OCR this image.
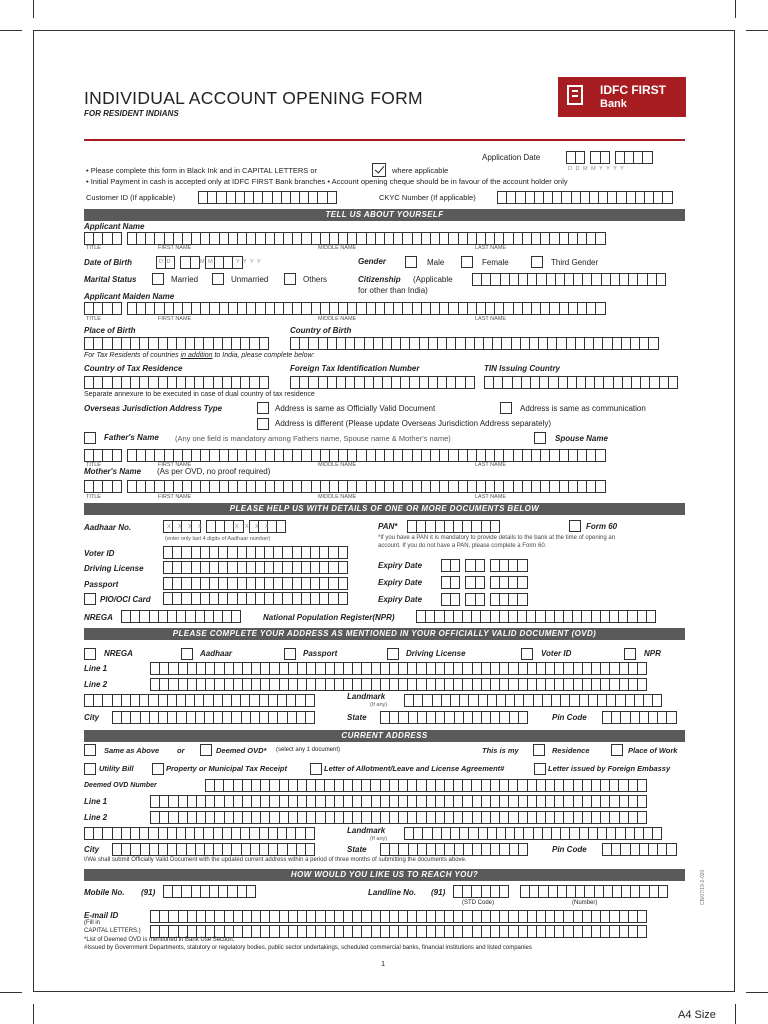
INDIVIDUAL ACCOUNT OPENING FORM
FOR RESIDENT INDIANS
IDFC FIRST
Bank
Application Date
D D M M Y Y Y Y
• Please complete this form in Black Ink and in CAPITAL LETTERS or	where applicable
• Initial Payment in cash is accepted only at IDFC FIRST Bank branches • Account opening cheque should be in favour of the account holder only
Customer ID (If applicable)	CKYC Number (If applicable)
TELL US ABOUT YOURSELF
Applicant Name
TITLE	FIRST NAME	MIDDLE NAME	LAST NAME
Date of Birth	D D	M M	Y Y Y Y	Gender	Male	Female	Third Gender
Marital Status	Married	Unmarried	Others	Citizenship (Applicable
for other than India)
Applicant Maiden Name
TITLE	FIRST NAME	MIDDLE NAME	LAST NAME
Place of Birth	Country of Birth
For Tax Residents of countries in addition to India, please complete below:
Country of Tax Residence	Foreign Tax Identification Number	TIN Issuing Country
Separate annexure to be executed in case of dual country of tax residence
Overseas Jurisdiction Address Type	Address is same as Officially Valid Document	Address is same as communication
Address is different (Please update Overseas Jurisdiction Address separately)
Father's Name (Any one field is mandatory among Fathers name, Spouse name & Mother's name)	Spouse Name
TITLE	FIRST NAME	MIDDLE NAME	LAST NAME
Mother's Name (As per OVD, no proof required)
TITLE	FIRST NAME	MIDDLE NAME	LAST NAME
PLEASE HELP US WITH DETAILS OF ONE OR MORE DOCUMENTS BELOW
Aadhaar No.	X X X X	X X X X
(enter only last 4 digits of Aadhaar number)
PAN*	Form 60
*If you have a PAN it is mandatory to provide details to the bank at the time of opening an
account. If you do not have a PAN, please complete a Form 60.
Voter ID
Driving License	Expiry Date
Passport	Expiry Date
PIO/OCI Card	Expiry Date
NREGA	National Population Register(NPR)
PLEASE COMPLETE YOUR ADDRESS AS MENTIONED IN YOUR OFFICIALLY VALID DOCUMENT (OVD)
NREGA	Aadhaar	Passport	Driving License	Voter ID	NPR
Line 1
Line 2
Landmark
(If any)
City	State	Pin Code
CURRENT ADDRESS
Same as Above or	Deemed OVD* (select any 1 document)	This is my	Residence	Place of Work
Utility Bill	Property or Municipal Tax Receipt	Letter of Allotment/Leave and License Agreement#	Letter issued by Foreign Embassy
Deemed OVD Number
Line 1
Line 2
Landmark
(If any)
City	State	Pin Code
I/We shall submit Officially Valid Document with the updated current address within a period of three months of submitting the documents above.
HOW WOULD YOU LIKE US TO REACH YOU?
Mobile No. (91)	Landline No. (91)
(STD Code)	(Number)
E-mail ID
(Fill in
CAPITAL LETTERS.)
*List of Deemed OVD is mentioned in Bank Use Section.
#Issued by Government Departments, statutory or regulatory bodies, public sector undertakings, scheduled commercial banks, financial institutions and listed companies
1
CB/07/19-2-020
A4 Size
